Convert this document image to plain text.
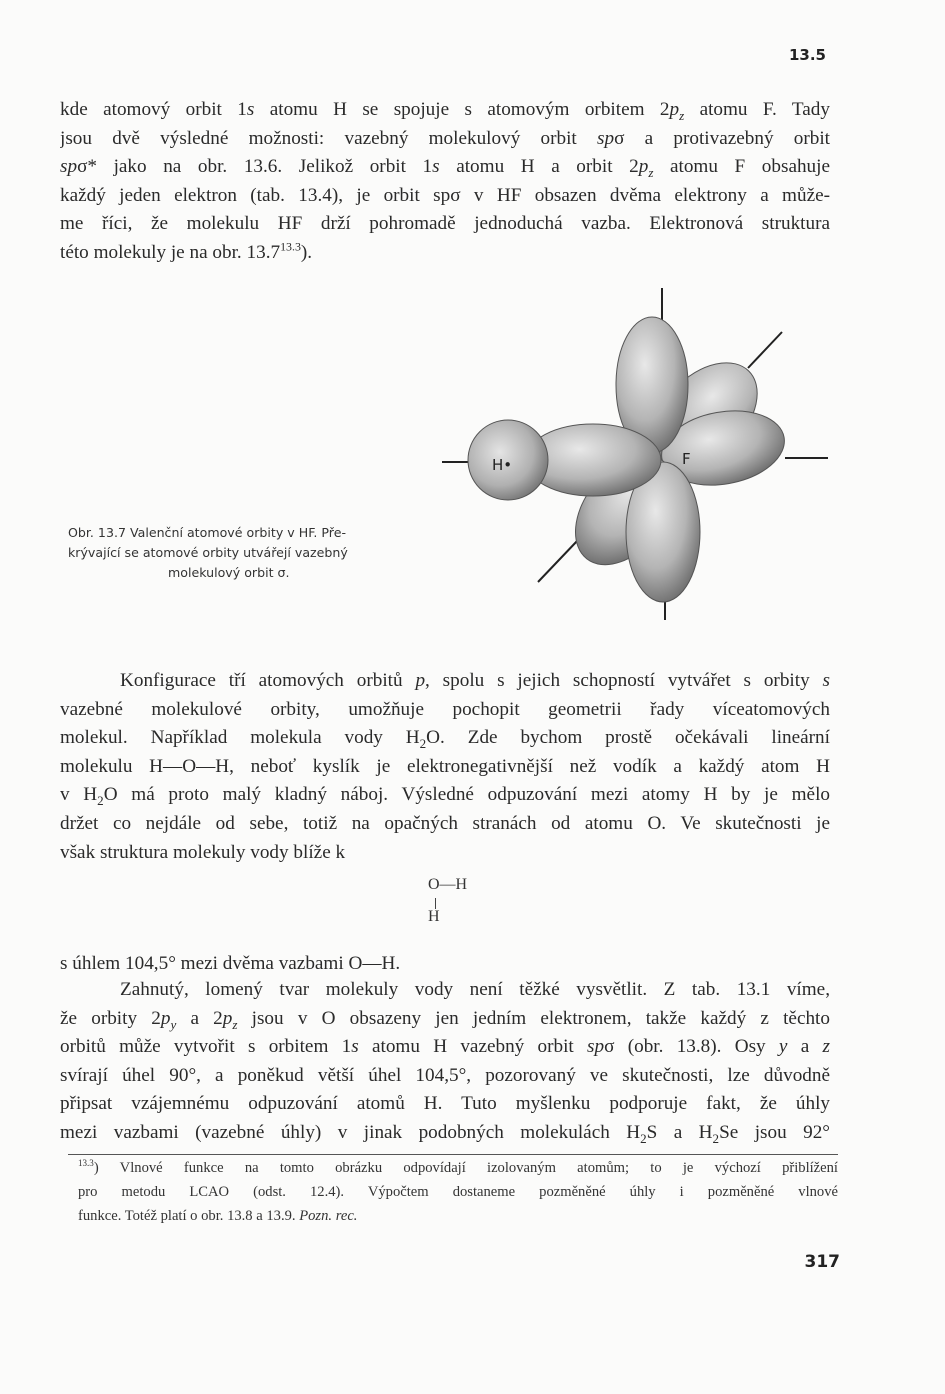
13.5
kde atomový orbit 1s atomu H se spojuje s atomovým orbitem $2p_z$ atomu F. Tady
jsou dvě výsledné možnosti: vazebný molekulový orbit spσ a protivazebný orbit
spσ* jako na obr. 13.6. Jelikož orbit 1s atomu H a orbit $2p_z$ atomu F obsahuje
každý jeden elektron (tab. 13.4), je orbit spσ v HF obsazen dvěma elektrony a může-
me říci, že molekulu HF drží pohromadě jednoduchá vazba. Elektronová struktura
této molekuly je na obr. $13.7^{13.3}$).
H•	F
Obr. 13.7 Valenční atomové orbity v HF. Pře-
krývající se atomové orbity utvářejí vazebný
molekulový orbit σ.
Konfigurace tří atomových orbitů p, spolu s jejich schopností vytvářet s orbity s
vazebné molekulové orbity, umožňuje pochopit geometrii řady víceatomových
molekul. Například molekula vody $H_2O$. Zde bychom prostě očekávali lineární
molekulu H—O—H, neboť kyslík je elektronegativnější než vodík a každý atom H
v $H_2O$ má proto malý kladný náboj. Výsledné odpuzování mezi atomy H by je mělo
držet co nejdále od sebe, totiž na opačných stranách od atomu O. Ve skutečnosti je
však struktura molekuly vody blíže k
O—H
H
s úhlem 104,5° mezi dvěma vazbami O—H.
Zahnutý, lomený tvar molekuly vody není těžké vysvětlit. Z tab. 13.1 víme,
že orbity $2p_y$ a $2p_z$ jsou v O obsazeny jen jedním elektronem, takže každý z těchto
orbitů může vytvořit s orbitem 1s atomu H vazebný orbit spσ (obr. 13.8). Osy y a z
svírají úhel 90°, a poněkud větší úhel 104,5°, pozorovaný ve skutečnosti, lze důvodně
připsat vzájemnému odpuzování atomů H. Tuto myšlenku podporuje fakt, že úhly
mezi vazbami (vazebné úhly) v jinak podobných molekulách $H_2S$ a $H_2Se$ jsou 92°
$^{13.3}$) Vlnové funkce na tomto obrázku odpovídají izolovaným atomům; to je výchozí přiblížení
pro metodu LCAO (odst. 12.4). Výpočtem dostaneme pozměněné úhly i pozměněné vlnové
funkce. Totéž platí o obr. 13.8 a 13.9. Pozn. rec.
317
